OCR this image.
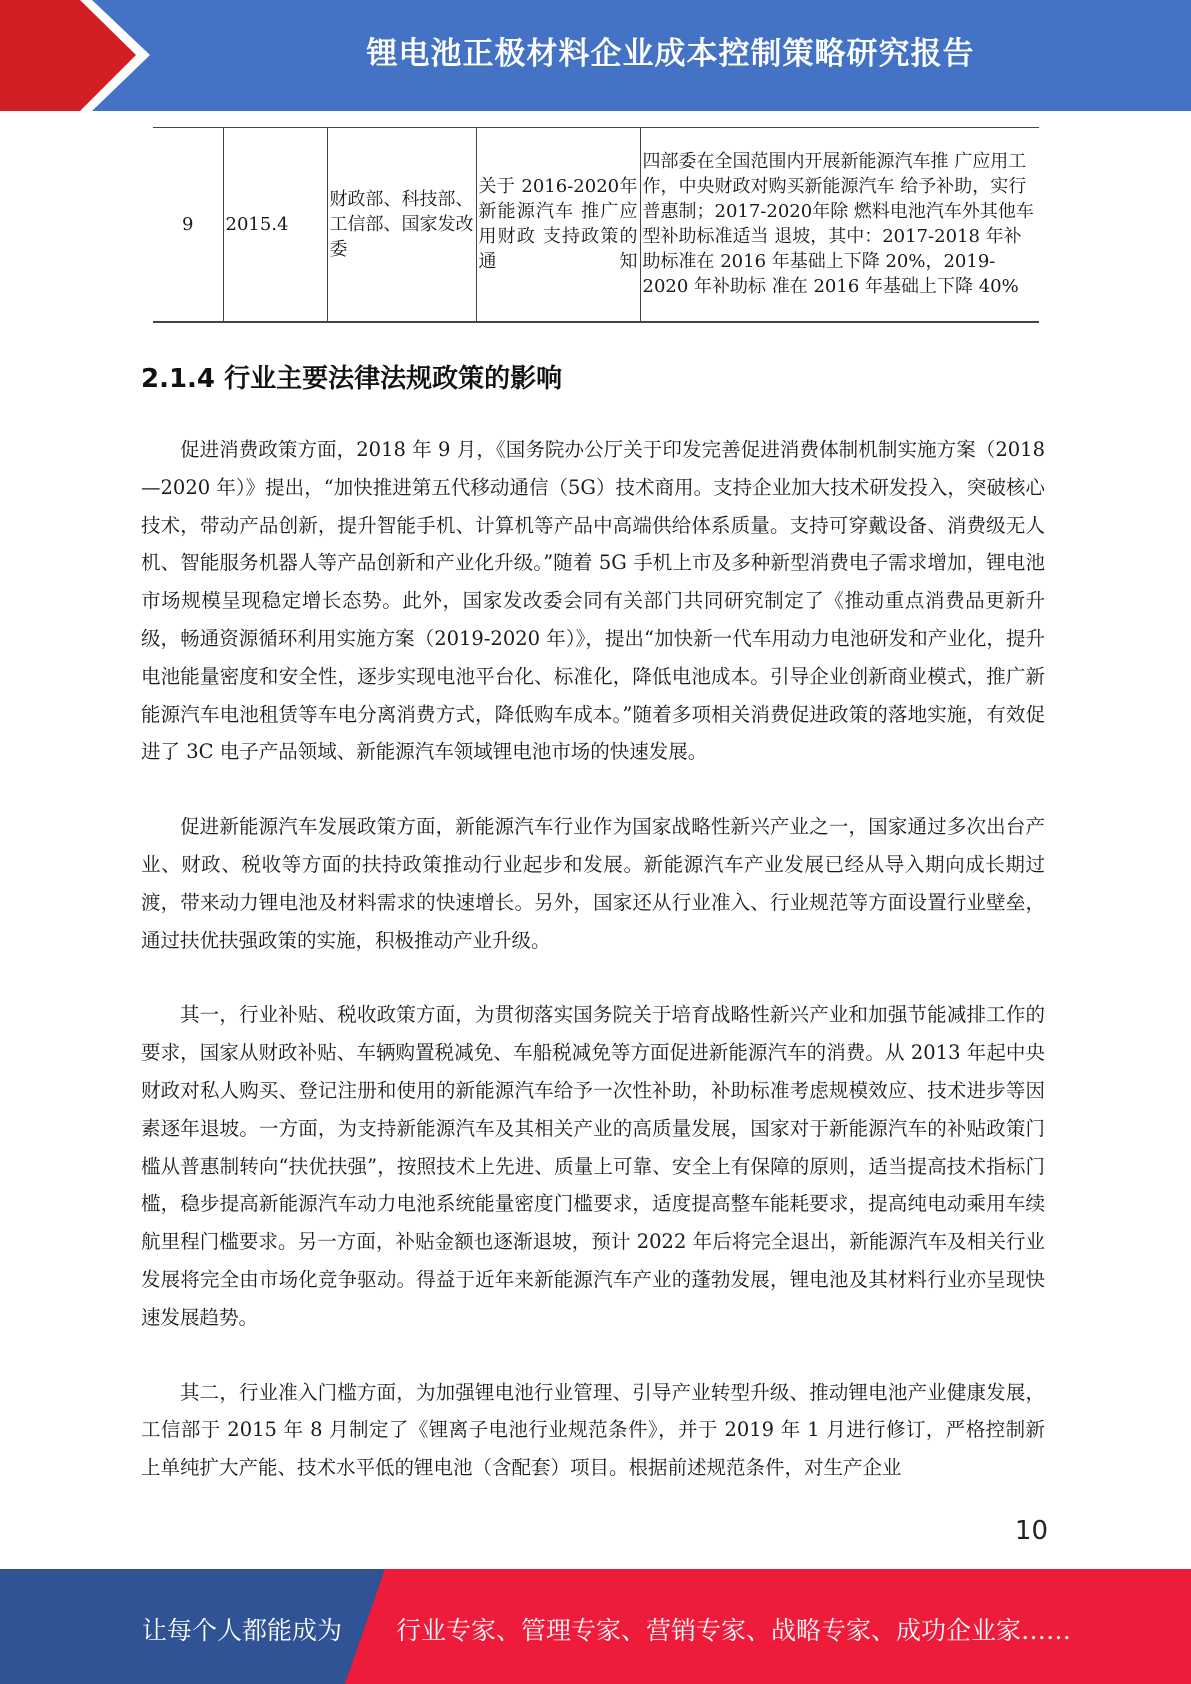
锂电池正极材料企业成本控制策略研究报告
9	2015.4	财政部、科技部、工信部、国家发改委	关于 2016-2020年新能源汽车 推广应用财政 支持政策的通 知	四部委在全国范围内开展新能源汽车推 广应用工作，中央财政对购买新能源汽车 给予补助，实行普惠制；2017-2020年除 燃料电池汽车外其他车型补助标准适当 退坡，其中：2017-2018 年补助标准在 2016 年基础上下降 20%，2019-2020 年补助标 准在 2016 年基础上下降 40%
2.1.4 行业主要法律法规政策的影响

促进消费政策方面，2018 年 9 月，《国务院办公厅关于印发完善促进消费体制机制实施方案（2018—2020 年）》提出，“加快推进第五代移动通信（5G）技术商用。支持企业加大技术研发投入，突破核心技术，带动产品创新，提升智能手机、计算机等产品中高端供给体系质量。支持可穿戴设备、消费级无人机、智能服务机器人等产品创新和产业化升级。”随着 5G 手机上市及多种新型消费电子需求增加，锂电池市场规模呈现稳定增长态势。此外，国家发改委会同有关部门共同研究制定了《推动重点消费品更新升级，畅通资源循环利用实施方案（2019-2020 年）》，提出“加快新一代车用动力电池研发和产业化，提升电池能量密度和安全性，逐步实现电池平台化、标准化，降低电池成本。引导企业创新商业模式，推广新能源汽车电池租赁等车电分离消费方式，降低购车成本。”随着多项相关消费促进政策的落地实施，有效促进了 3C 电子产品领域、新能源汽车领域锂电池市场的快速发展。

促进新能源汽车发展政策方面，新能源汽车行业作为国家战略性新兴产业之一，国家通过多次出台产业、财政、税收等方面的扶持政策推动行业起步和发展。新能源汽车产业发展已经从导入期向成长期过渡，带来动力锂电池及材料需求的快速增长。另外，国家还从行业准入、行业规范等方面设置行业壁垒，通过扶优扶强政策的实施，积极推动产业升级。

其一，行业补贴、税收政策方面，为贯彻落实国务院关于培育战略性新兴产业和加强节能减排工作的要求，国家从财政补贴、车辆购置税减免、车船税减免等方面促进新能源汽车的消费。从 2013 年起中央财政对私人购买、登记注册和使用的新能源汽车给予一次性补助，补助标准考虑规模效应、技术进步等因素逐年退坡。一方面，为支持新能源汽车及其相关产业的高质量发展，国家对于新能源汽车的补贴政策门槛从普惠制转向“扶优扶强”，按照技术上先进、质量上可靠、安全上有保障的原则，适当提高技术指标门槛，稳步提高新能源汽车动力电池系统能量密度门槛要求，适度提高整车能耗要求，提高纯电动乘用车续航里程门槛要求。另一方面，补贴金额也逐渐退坡，预计 2022 年后将完全退出，新能源汽车及相关行业发展将完全由市场化竞争驱动。得益于近年来新能源汽车产业的蓬勃发展，锂电池及其材料行业亦呈现快速发展趋势。

其二，行业准入门槛方面，为加强锂电池行业管理、引导产业转型升级、推动锂电池产业健康发展，工信部于 2015 年 8 月制定了《锂离子电池行业规范条件》，并于 2019 年 1 月进行修订，严格控制新上单纯扩大产能、技术水平低的锂电池（含配套）项目。根据前述规范条件，对生产企业

10
让每个人都能成为 行业专家、管理专家、营销专家、战略专家、成功企业家……
